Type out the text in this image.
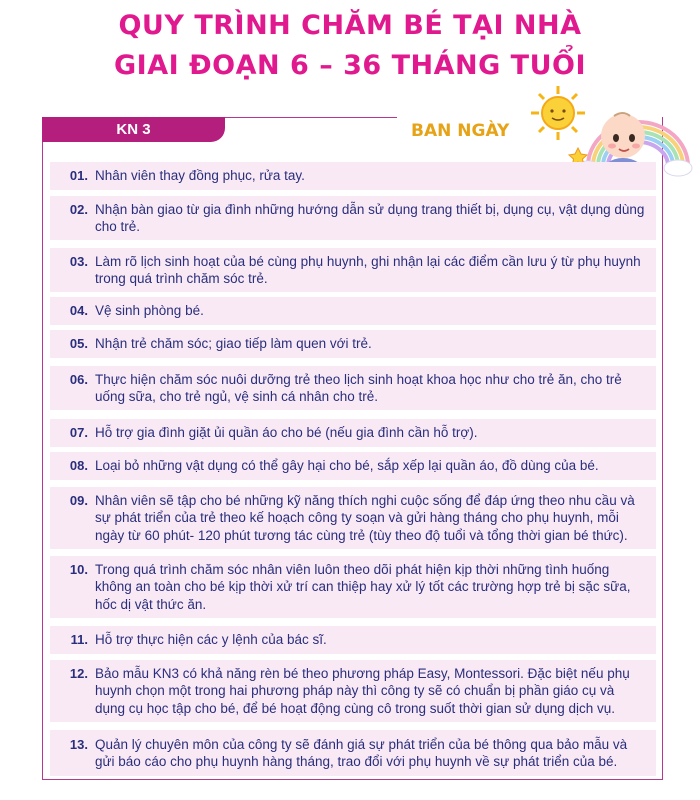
QUY TRÌNH CHĂM BÉ TẠI NHÀ
GIAI ĐOẠN 6 – 36 THÁNG TUỔI
KN 3	BAN NGÀY
01. Nhân viên thay đồng phục, rửa tay.
02. Nhận bàn giao từ gia đình những hướng dẫn sử dụng trang thiết bị, dụng cụ, vật dụng dùng cho trẻ.
03. Làm rõ lịch sinh hoạt của bé cùng phụ huynh, ghi nhận lại các điểm cần lưu ý từ phụ huynh trong quá trình chăm sóc trẻ.
04. Vệ sinh phòng bé.
05. Nhận trẻ chăm sóc; giao tiếp làm quen với trẻ.
06. Thực hiện chăm sóc nuôi dưỡng trẻ theo lịch sinh hoạt khoa học như cho trẻ ăn, cho trẻ uống sữa, cho trẻ ngủ, vệ sinh cá nhân cho trẻ.
07. Hỗ trợ gia đình giặt ủi quần áo cho bé (nếu gia đình cần hỗ trợ).
08. Loại bỏ những vật dụng có thể gây hại cho bé, sắp xếp lại quần áo, đồ dùng của bé.
09. Nhân viên sẽ tập cho bé những kỹ năng thích nghi cuộc sống để đáp ứng theo nhu cầu và sự phát triển của trẻ theo kế hoạch công ty soạn và gửi hàng tháng cho phụ huynh, mỗi ngày từ 60 phút- 120 phút tương tác cùng trẻ (tùy theo độ tuổi và tổng thời gian bé thức).
10. Trong quá trình chăm sóc nhân viên luôn theo dõi phát hiện kịp thời những tình huống không an toàn cho bé kịp thời xử trí can thiệp hay xử lý tốt các trường hợp trẻ bị sặc sữa, hốc dị vật thức ăn.
11. Hỗ trợ thực hiện các y lệnh của bác sĩ.
12. Bảo mẫu KN3 có khả năng rèn bé theo phương pháp Easy, Montessori. Đặc biệt nếu phụ huynh chọn một trong hai phương pháp này thì công ty sẽ có chuẩn bị phần giáo cụ và dụng cụ học tập cho bé, để bé hoạt động cùng cô trong suốt thời gian sử dụng dịch vụ.
13. Quản lý chuyên môn của công ty sẽ đánh giá sự phát triển của bé thông qua bảo mẫu và gửi báo cáo cho phụ huynh hàng tháng, trao đổi với phụ huynh về sự phát triển của bé.
